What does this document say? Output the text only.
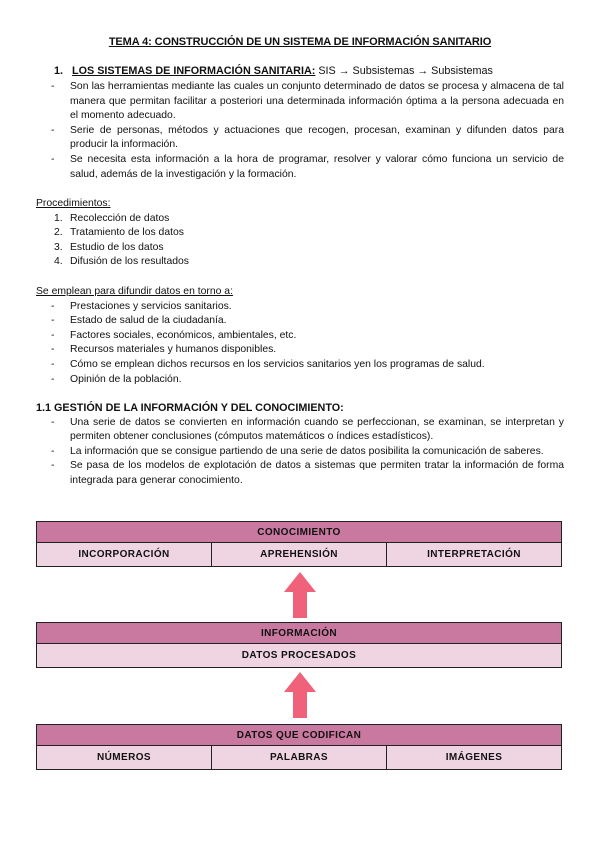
TEMA 4: CONSTRUCCIÓN DE UN SISTEMA DE INFORMACIÓN SANITARIO
1. LOS SISTEMAS DE INFORMACIÓN SANITARIA: SIS → Subsistemas → Subsistemas
- Son las herramientas mediante las cuales un conjunto determinado de datos se procesa y almacena de tal manera que permitan facilitar a posteriori una determinada información óptima a la persona adecuada en el momento adecuado.
- Serie de personas, métodos y actuaciones que recogen, procesan, examinan y difunden datos para producir la información.
- Se necesita esta información a la hora de programar, resolver y valorar cómo funciona un servicio de salud, además de la investigación y la formación.
Procedimientos:
1. Recolección de datos
2. Tratamiento de los datos
3. Estudio de los datos
4. Difusión de los resultados
Se emplean para difundir datos en torno a:
- Prestaciones y servicios sanitarios.
- Estado de salud de la ciudadanía.
- Factores sociales, económicos, ambientales, etc.
- Recursos materiales y humanos disponibles.
- Cómo se emplean dichos recursos en los servicios sanitarios yen los programas de salud.
- Opinión de la población.
1.1 GESTIÓN DE LA INFORMACIÓN Y DEL CONOCIMIENTO:
- Una serie de datos se convierten en información cuando se perfeccionan, se examinan, se interpretan y permiten obtener conclusiones (cómputos matemáticos o índices estadísticos).
- La información que se consigue partiendo de una serie de datos posibilita la comunicación de saberes.
- Se pasa de los modelos de explotación de datos a sistemas que permiten tratar la información de forma integrada para generar conocimiento.
CONOCIMIENTO
INCORPORACIÓN	APREHENSIÓN	INTERPRETACIÓN
INFORMACIÓN
DATOS PROCESADOS
DATOS QUE CODIFICAN
NÚMEROS	PALABRAS	IMÁGENES
